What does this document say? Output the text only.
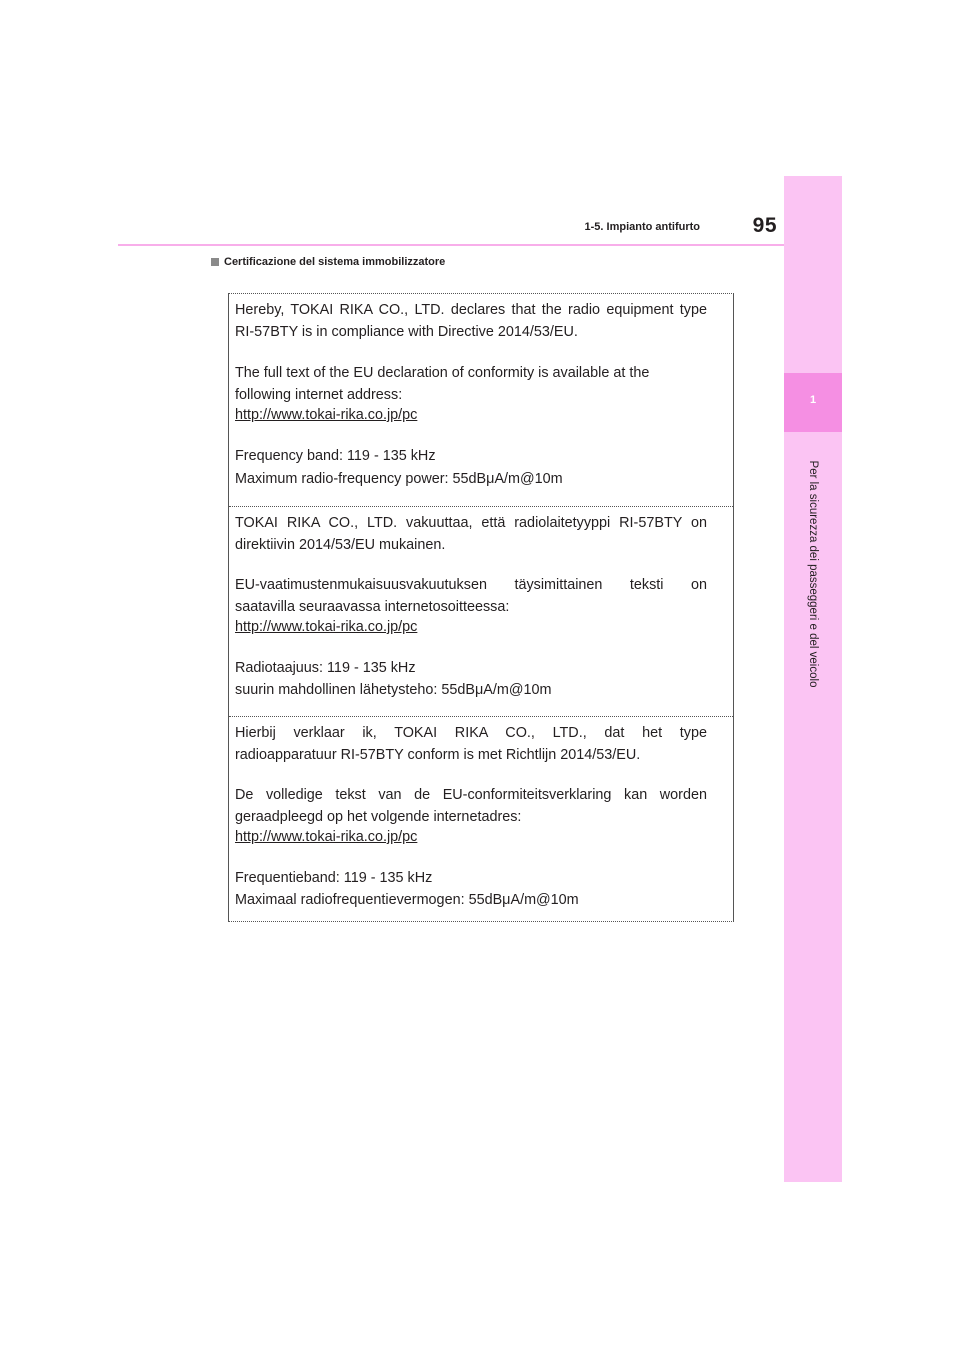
1
Per la sicurezza dei passeggeri e del veicolo
95
1-5. Impianto antifurto
Certificazione del sistema immobilizzatore
Hereby, TOKAI RIKA CO., LTD. declares that the radio equipment type
RI-57BTY is in compliance with Directive 2014/53/EU.
The full text of the EU declaration of conformity is available at the
following internet address:
http://www.tokai-rika.co.jp/pc
Frequency band: 119 - 135 kHz
Maximum radio-frequency power: 55dBμA/m@10m
TOKAI RIKA CO., LTD. vakuuttaa, että radiolaitetyyppi RI-57BTY on
direktiivin 2014/53/EU mukainen.
EU-vaatimustenmukaisuusvakuutuksen täysimittainen teksti on
saatavilla seuraavassa internetosoitteessa:
http://www.tokai-rika.co.jp/pc
Radiotaajuus: 119 - 135 kHz
suurin mahdollinen lähetysteho: 55dBμA/m@10m
Hierbij verklaar ik, TOKAI RIKA CO., LTD., dat het type
radioapparatuur RI-57BTY conform is met Richtlijn 2014/53/EU.
De volledige tekst van de EU-conformiteitsverklaring kan worden
geraadpleegd op het volgende internetadres:
http://www.tokai-rika.co.jp/pc
Frequentieband: 119 - 135 kHz
Maximaal radiofrequentievermogen: 55dBμA/m@10m
